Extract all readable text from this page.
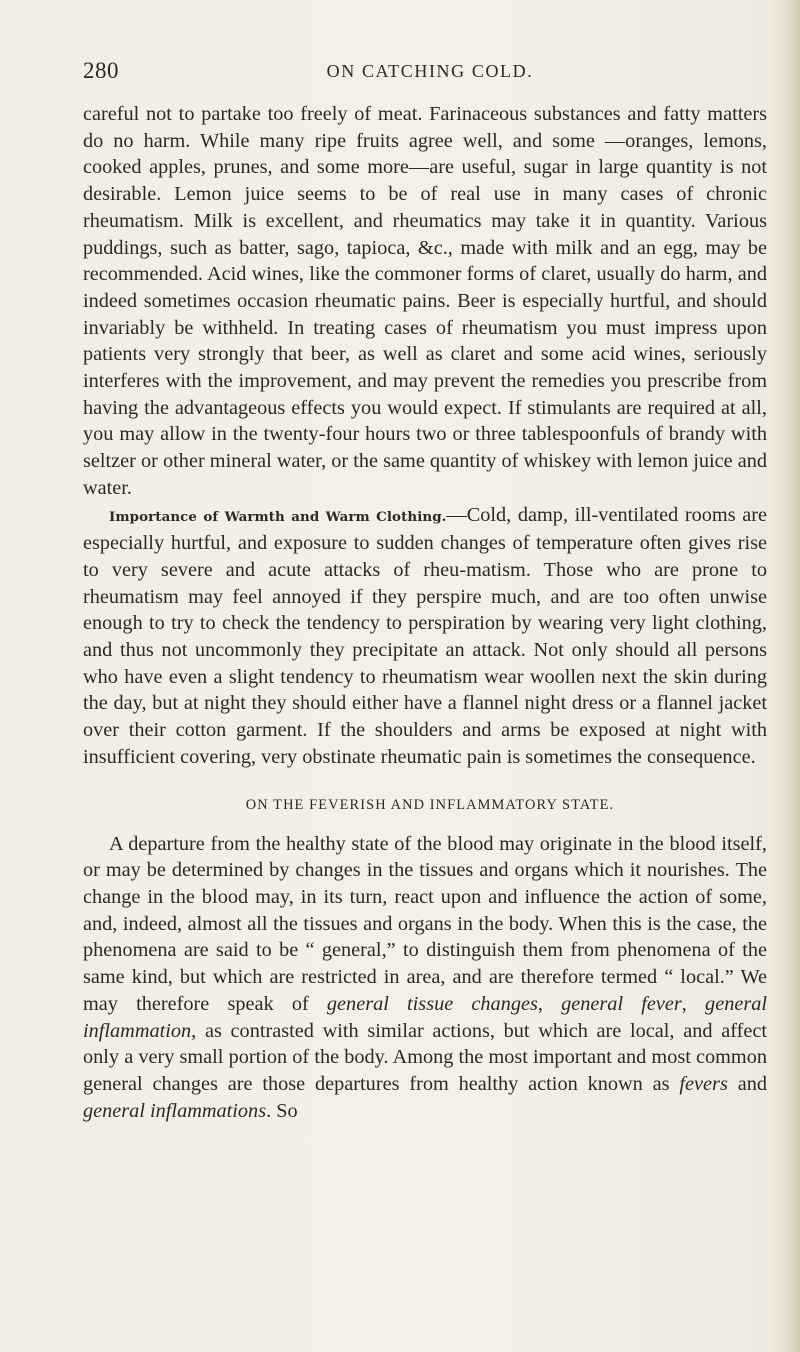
280	ON CATCHING COLD.

careful not to partake too freely of meat. Farinaceous substances and fatty matters do no harm. While many ripe fruits agree well, and some —oranges, lemons, cooked apples, prunes, and some more—are useful, sugar in large quantity is not desirable. Lemon juice seems to be of real use in many cases of chronic rheumatism. Milk is excellent, and rheumatics may take it in quantity. Various puddings, such as batter, sago, tapioca, &c., made with milk and an egg, may be recommended. Acid wines, like the commoner forms of claret, usually do harm, and indeed sometimes occasion rheumatic pains. Beer is especially hurtful, and should invariably be withheld. In treating cases of rheumatism you must impress upon patients very strongly that beer, as well as claret and some acid wines, seriously interferes with the improvement, and may prevent the remedies you prescribe from having the advantageous effects you would expect. If stimulants are required at all, you may allow in the twenty-four hours two or three tablespoonfuls of brandy with seltzer or other mineral water, or the same quantity of whiskey with lemon juice and water.

Importance of Warmth and Warm Clothing.—Cold, damp, ill-ventilated rooms are especially hurtful, and exposure to sudden changes of temperature often gives rise to very severe and acute attacks of rheu-matism. Those who are prone to rheumatism may feel annoyed if they perspire much, and are too often unwise enough to try to check the tendency to perspiration by wearing very light clothing, and thus not uncommonly they precipitate an attack. Not only should all persons who have even a slight tendency to rheumatism wear woollen next the skin during the day, but at night they should either have a flannel night dress or a flannel jacket over their cotton garment. If the shoulders and arms be exposed at night with insufficient covering, very obstinate rheumatic pain is sometimes the consequence.

ON THE FEVERISH AND INFLAMMATORY STATE.

A departure from the healthy state of the blood may originate in the blood itself, or may be determined by changes in the tissues and organs which it nourishes. The change in the blood may, in its turn, react upon and influence the action of some, and, indeed, almost all the tissues and organs in the body. When this is the case, the phenomena are said to be “ general,” to distinguish them from phenomena of the same kind, but which are restricted in area, and are therefore termed “ local.” We may therefore speak of general tissue changes, general fever, general inflammation, as contrasted with similar actions, but which are local, and affect only a very small portion of the body. Among the most important and most common general changes are those departures from healthy action known as fevers and general inflammations. So
